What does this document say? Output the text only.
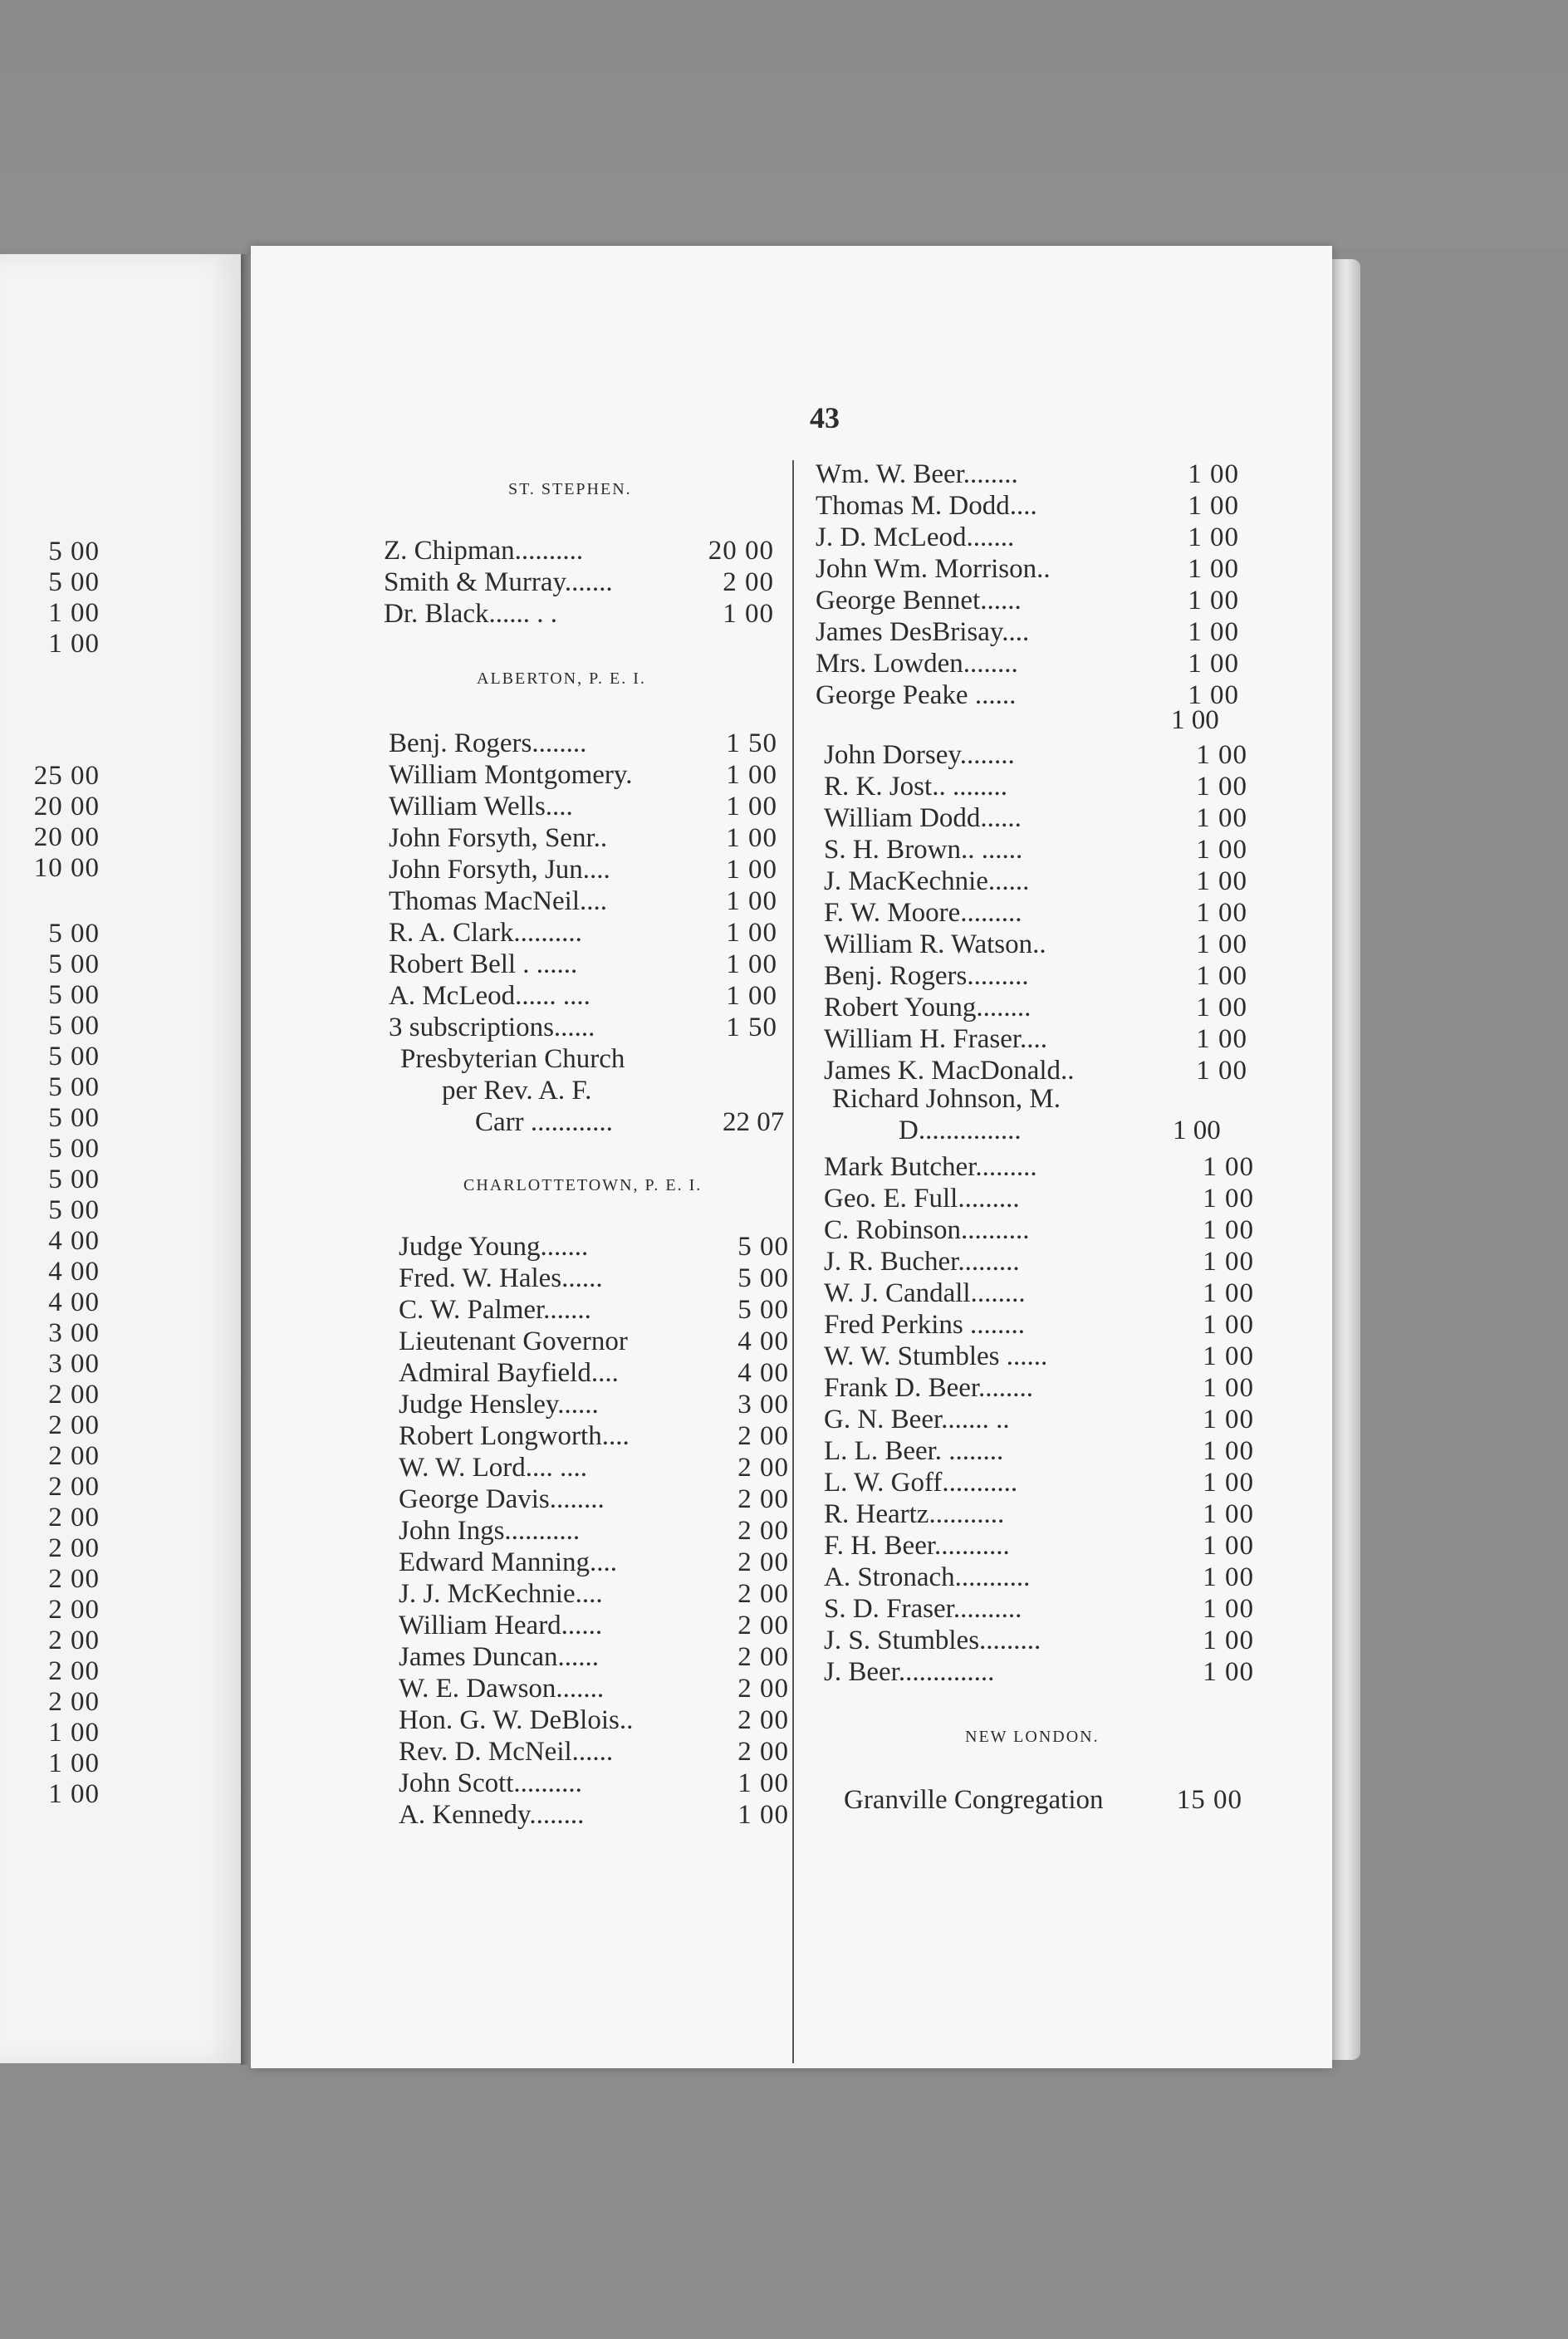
5 00
5 00
1 00
1 00
25 00
20 00
20 00
10 00
5 00
5 00
5 00
5 00
5 00
5 00
5 00
5 00
5 00
5 00
4 00
4 00
4 00
3 00
3 00
2 00
2 00
2 00
2 00
2 00
2 00
2 00
2 00
2 00
2 00
2 00
1 00
1 00
1 00
43
ST. STEPHEN.
Z. Chipman..........	20 00
Smith & Murray.......	2 00
Dr. Black...... . .	1 00
ALBERTON, P. E. I.
Benj. Rogers........	1 50
William Montgomery.	1 00
William Wells....	1 00
John Forsyth, Senr..	1 00
John Forsyth, Jun....	1 00
Thomas MacNeil....	1 00
R. A. Clark..........	1 00
Robert Bell . ......	1 00
A. McLeod...... ....	1 00
3 subscriptions......	1 50
Presbyterian Church
per Rev. A. F.
Carr ............	22 07
CHARLOTTETOWN, P. E. I.
Judge Young.......	5 00
Fred. W. Hales......	5 00
C. W. Palmer.......	5 00
Lieutenant Governor	4 00
Admiral Bayfield....	4 00
Judge Hensley......	3 00
Robert Longworth....	2 00
W. W. Lord.... ....	2 00
George Davis........	2 00
John Ings...........	2 00
Edward Manning....	2 00
J. J. McKechnie....	2 00
William Heard......	2 00
James Duncan......	2 00
W. E. Dawson.......	2 00
Hon. G. W. DeBlois..	2 00
Rev. D. McNeil......	2 00
John Scott..........	1 00
A. Kennedy........	1 00
Wm. W. Beer........	1 00
Thomas M. Dodd....	1 00
J. D. McLeod.......	1 00
John Wm. Morrison..	1 00
George Bennet......	1 00
James DesBrisay....	1 00
Mrs. Lowden........	1 00
George Peake ......	1 00
1 00
John Dorsey........	1 00
R. K. Jost.. ........	1 00
William Dodd......	1 00
S. H. Brown.. ......	1 00
J. MacKechnie......	1 00
F. W. Moore.........	1 00
William R. Watson..	1 00
Benj. Rogers.........	1 00
Robert Young........	1 00
William H. Fraser....	1 00
James K. MacDonald..	1 00
Richard Johnson, M.
D...............	1 00
Mark Butcher.........	1 00
Geo. E. Full.........	1 00
C. Robinson..........	1 00
J. R. Bucher.........	1 00
W. J. Candall........	1 00
Fred Perkins ........	1 00
W. W. Stumbles ......	1 00
Frank D. Beer........	1 00
G. N. Beer....... ..	1 00
L. L. Beer. ........	1 00
L. W. Goff...........	1 00
R. Heartz...........	1 00
F. H. Beer...........	1 00
A. Stronach...........	1 00
S. D. Fraser..........	1 00
J. S. Stumbles.........	1 00
J. Beer..............	1 00
NEW LONDON.
Granville Congregation	15 00
